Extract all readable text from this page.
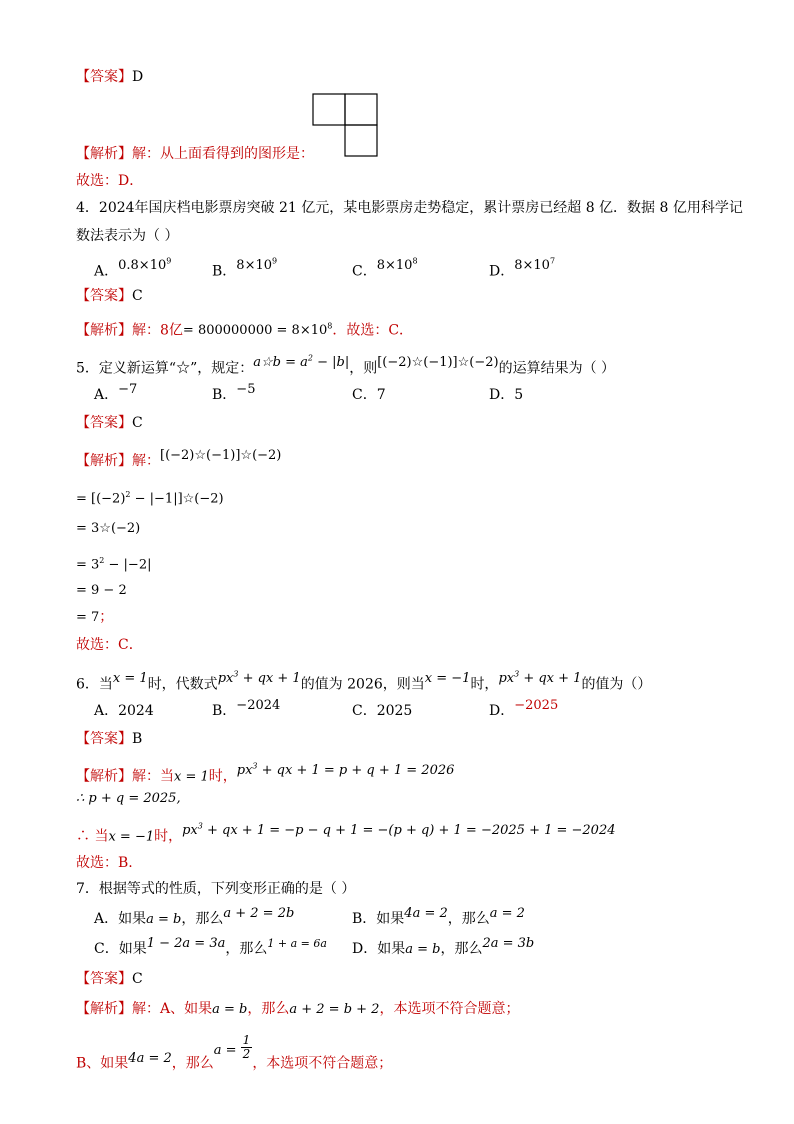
【答案】D
【解析】解：从上面看得到的图形是：
故选：D．
4．2024年国庆档电影票房突破 21 亿元，某电影票房走势稳定，累计票房已经超 8 亿．数据 8 亿用科学记
数法表示为（ ）
A．$0.8\times 10^9$
B．$8\times 10^9$
C．$8\times 10^8$
D．$8\times 10^7$
【答案】C
【解析】解：8亿= $800000000 = 8\times 10^8$．故选：C．
5．定义新运算“☆”，规定：a☆b = $a^2 - |b|$，则[(−2)☆(−1)]☆(−2)的运算结果为（ ）
A．−7	B．−5	C．7	D．5
【答案】C
【解析】解：[(−2)☆(−1)]☆(−2)
= [$(-2)^2$ − |−1|]☆(−2)
= 3☆(−2)
= $3^2 - |-2|$
= 9 − 2
= 7；
故选：C．
6．当x = 1时，代数式$px^3$ + qx + 1的值为 2026，则当x = −1时，$px^3$ + qx + 1的值为（）
A．2024	B．−2024	C．2025	D．−2025
【答案】B
【解析】解：当x = 1时，$px^3$ + qx + 1 = p + q + 1 = 2026
∴ p + q = 2025,
∴ 当x = −1时，$px^3$ + qx + 1 = −p − q + 1 = −(p + q) + 1 = −2025 + 1 = −2024
故选：B.
7．根据等式的性质，下列变形正确的是（ ）
A．如果a = b，那么a + 2 = 2b	B．如果4a = 2，那么a = 2
C．如果1 − 2a = 3a，那么$^{1 + a = 6a}$ D．如果a = b，那么2a = 3b
【答案】C
【解析】解：A、如果a = b，那么a + 2 = b + 2，本选项不符合题意；
B、如果4a = 2，那么$a = \frac{1}{2}$
，本选项不符合题意；
